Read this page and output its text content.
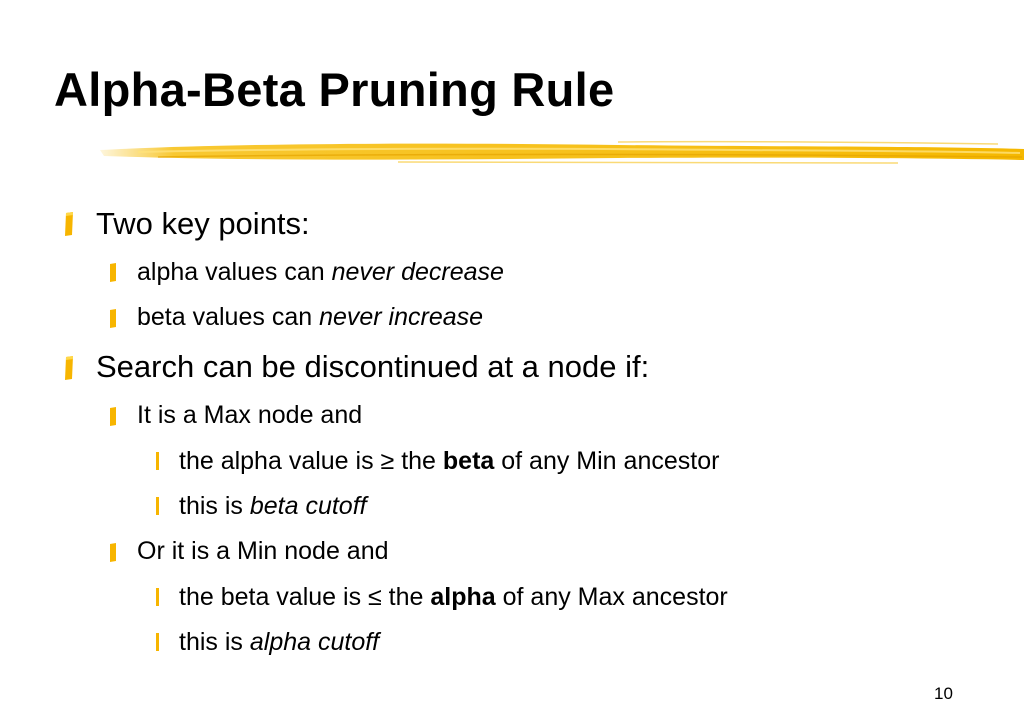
Alpha-Beta Pruning Rule
Two key points:
alpha values can never decrease
beta values can never increase
Search can be discontinued at a node if:
It is a Max node and
the alpha value is ≥ the beta of any Min ancestor
this is beta cutoff
Or it is a Min node and
the beta value is ≤ the alpha of any Max ancestor
this is alpha cutoff
10
